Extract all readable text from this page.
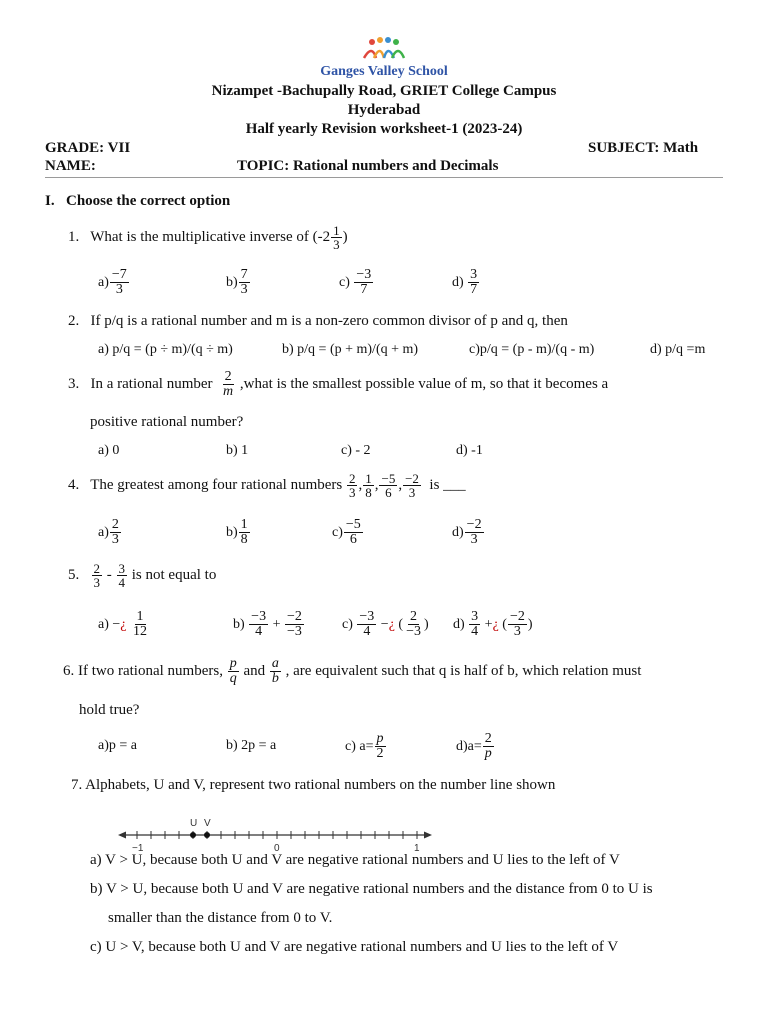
Ganges Valley School
Nizampet -Bachupally Road, GRIET College Campus
Hyderabad
Half yearly Revision worksheet-1 (2023-24)
GRADE: VII	SUBJECT: Math
NAME:	TOPIC: Rational numbers and Decimals
I. Choose the correct option
1. What is the multiplicative inverse of ($-2 \frac{1}{3}$ )
$a) \frac{-7}{3}$	$b) \frac{7}{3}$	$c) \frac{-3}{7}$	$d) \frac{3}{7}$
2. If p/q is a rational number and m is a non-zero common divisor of p and q, then
a) p/q = (p ÷ m)/(q ÷ m)	b) p/q = (p + m)/(q + m)	c)p/q = (p - m)/(q - m)	d) p/q =m
3. In a rational number $\frac{2}{m}$ ,what is the smallest possible value of m, so that it becomes a
positive rational number?
a) 0	b) 1	c) - 2	d) -1
4. The greatest among four rational numbers $\frac{2}{3}$ , $\frac{1}{8}$ , $\frac{-5}{6}$ , $\frac{-2}{3}$ is ___
$a) \frac{2}{3}$	$b) \frac{1}{8}$	$c) \frac{-5}{6}$	$d) \frac{-2}{3}$
5. $\frac{2}{3} - \frac{3}{4}$ is not equal to
a) −¿ $\frac{1}{12}$	$b) \frac{-3}{4} + \frac{-2}{-3}$	$c) \frac{-3}{4}$ −¿ ( $\frac{2}{-3}$ ) $d) \frac{3}{4}$ +¿ ( $\frac{-2}{3}$ )
6. If two rational numbers, $\frac{p}{q}$ and $\frac{a}{b}$ , are equivalent such that q is half of b, which relation must
hold true?
a)p = a	b) 2p = a	c) $a= \frac{p}{2}$	$d)a= \frac{2}{p}$
7. Alphabets, U and V, represent two rational numbers on the number line shown
U V
−1	0	1
a) V > U, because both U and V are negative rational numbers and U lies to the left of V
b) V > U, because both U and V are negative rational numbers and the distance from 0 to U is
smaller than the distance from 0 to V.
c) U > V, because both U and V are negative rational numbers and U lies to the left of V
